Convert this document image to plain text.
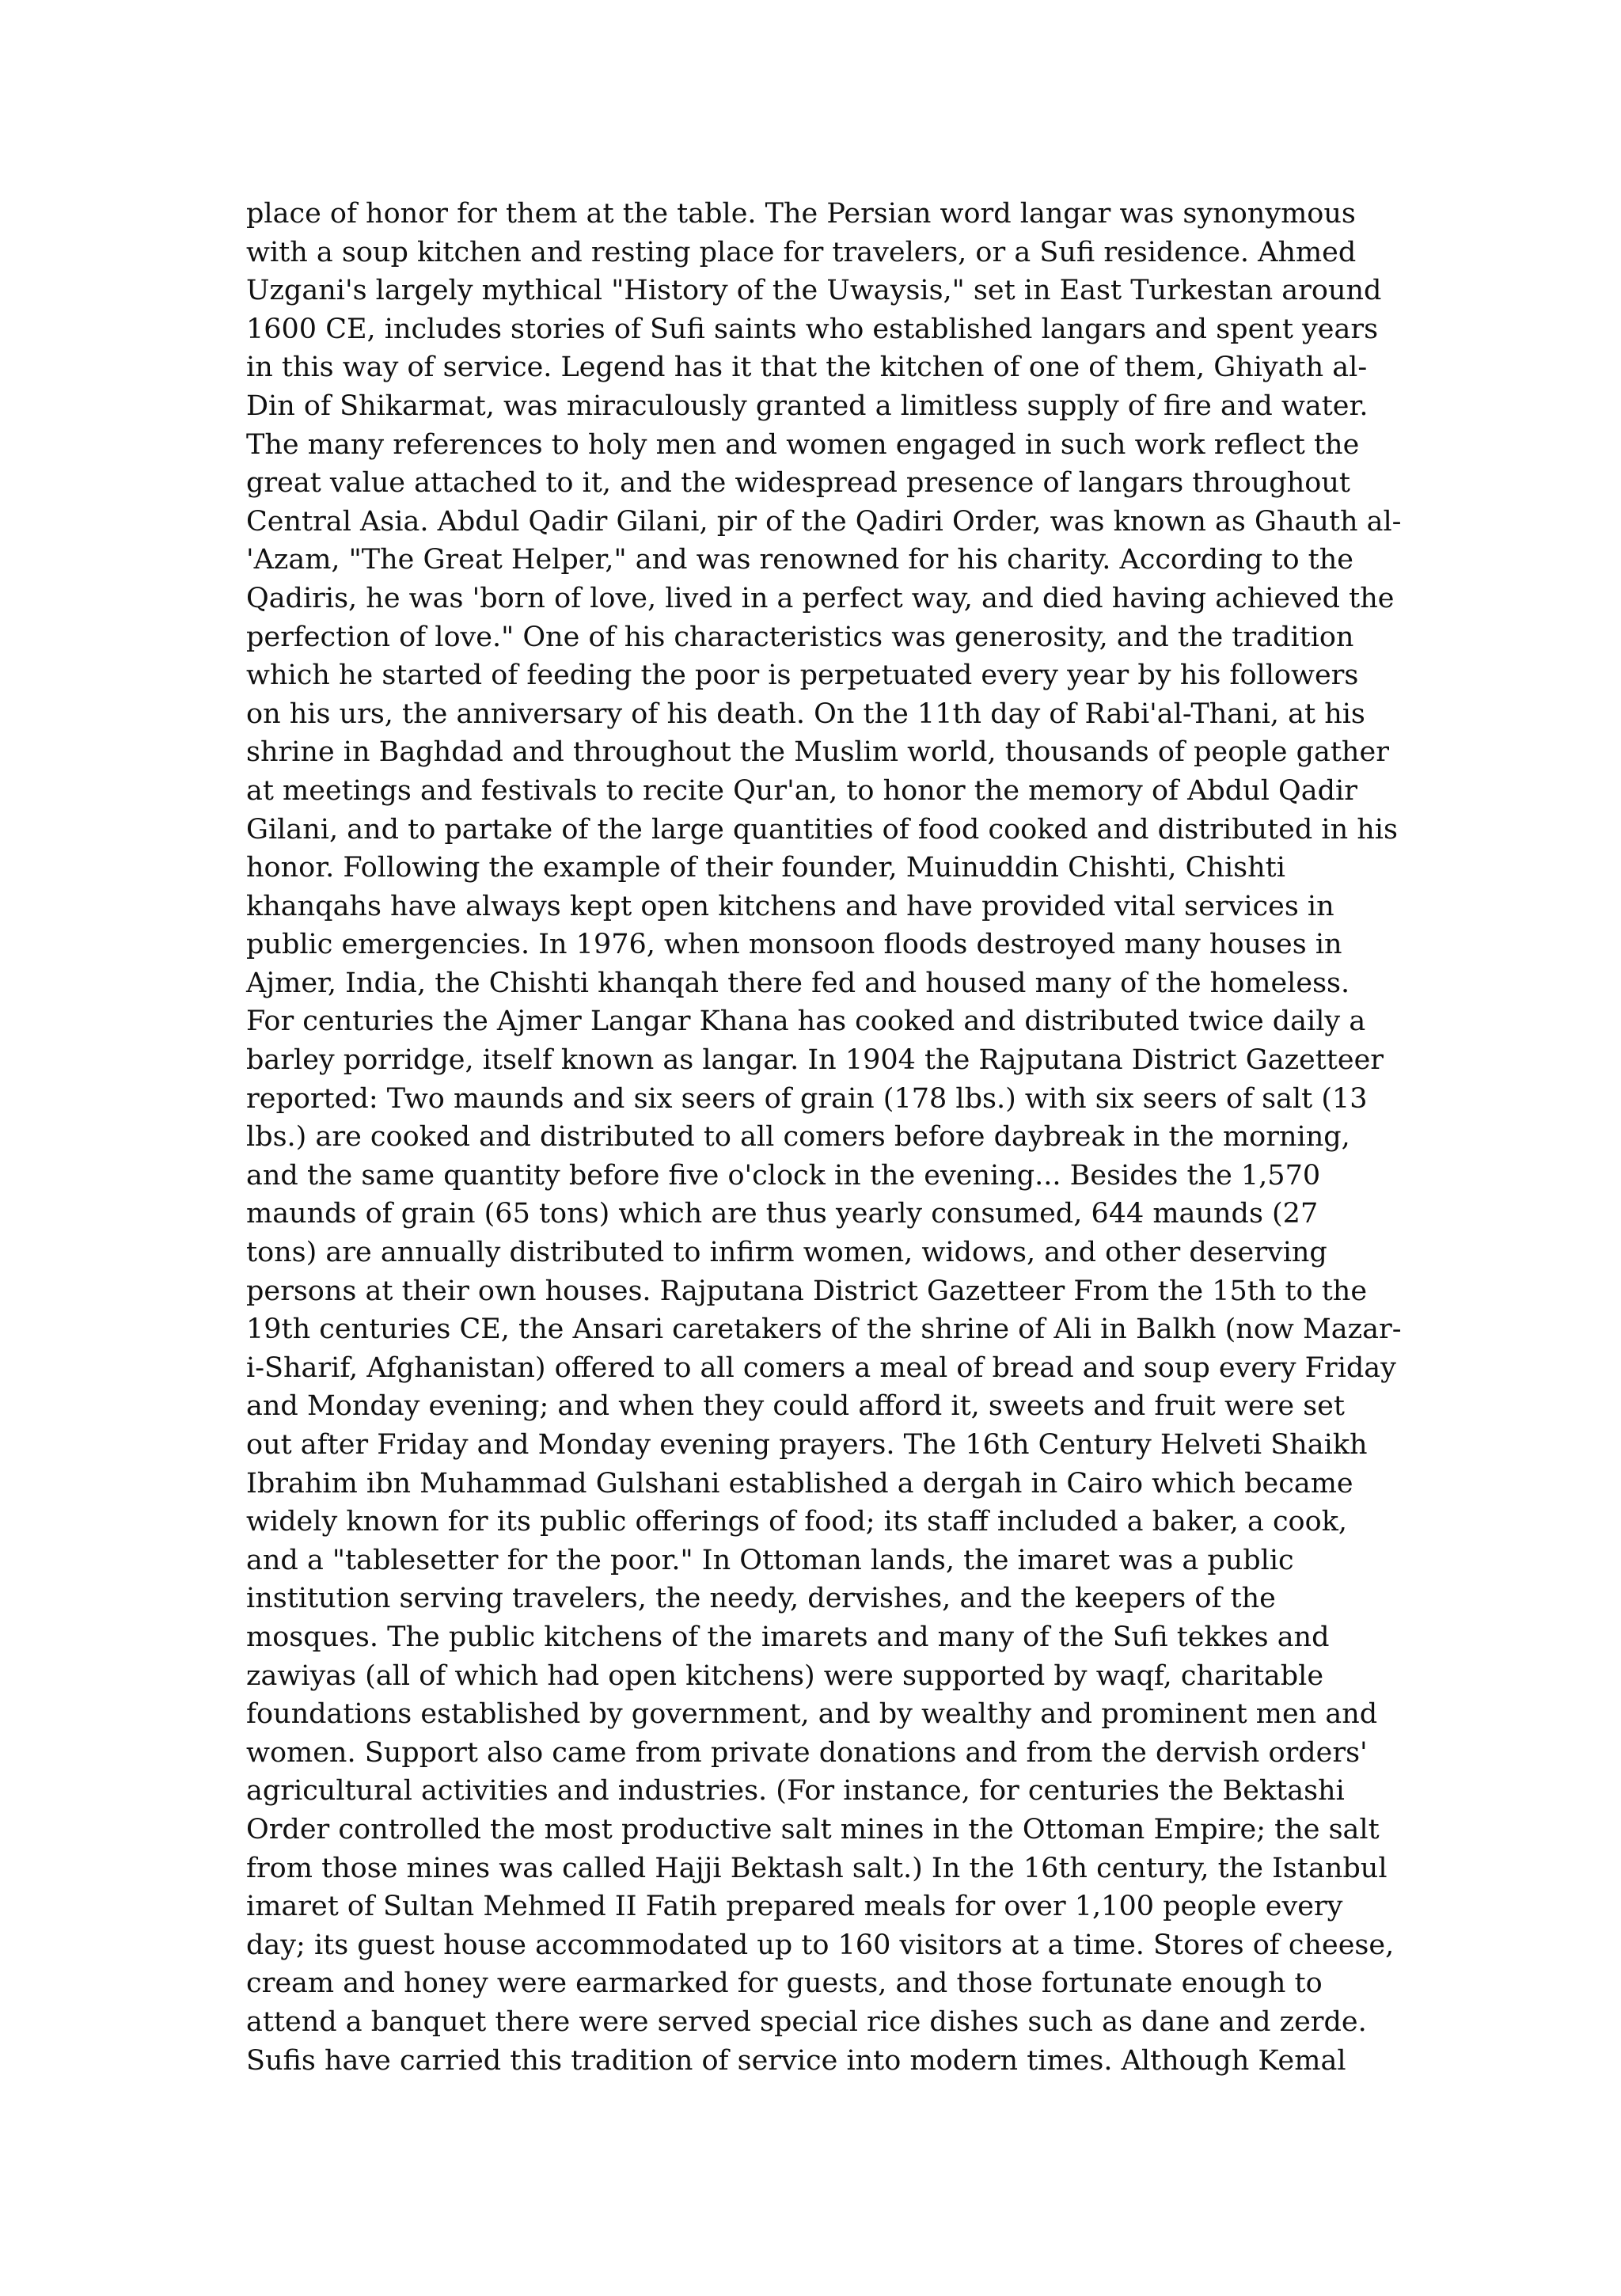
place of honor for them at the table. The Persian word langar was synonymous
with a soup kitchen and resting place for travelers, or a Sufi residence. Ahmed
Uzgani's largely mythical "History of the Uwaysis," set in East Turkestan around
1600 CE, includes stories of Sufi saints who established langars and spent years
in this way of service. Legend has it that the kitchen of one of them, Ghiyath al-
Din of Shikarmat, was miraculously granted a limitless supply of fire and water.
The many references to holy men and women engaged in such work reflect the
great value attached to it, and the widespread presence of langars throughout
Central Asia. Abdul Qadir Gilani, pir of the Qadiri Order, was known as Ghauth al-
'Azam, "The Great Helper," and was renowned for his charity. According to the
Qadiris, he was 'born of love, lived in a perfect way, and died having achieved the
perfection of love." One of his characteristics was generosity, and the tradition
which he started of feeding the poor is perpetuated every year by his followers
on his urs, the anniversary of his death. On the 11th day of Rabi'al-Thani, at his
shrine in Baghdad and throughout the Muslim world, thousands of people gather
at meetings and festivals to recite Qur'an, to honor the memory of Abdul Qadir
Gilani, and to partake of the large quantities of food cooked and distributed in his
honor. Following the example of their founder, Muinuddin Chishti, Chishti
khanqahs have always kept open kitchens and have provided vital services in
public emergencies. In 1976, when monsoon floods destroyed many houses in
Ajmer, India, the Chishti khanqah there fed and housed many of the homeless.
For centuries the Ajmer Langar Khana has cooked and distributed twice daily a
barley porridge, itself known as langar. In 1904 the Rajputana District Gazetteer
reported: Two maunds and six seers of grain (178 lbs.) with six seers of salt (13
lbs.) are cooked and distributed to all comers before daybreak in the morning,
and the same quantity before five o'clock in the evening... Besides the 1,570
maunds of grain (65 tons) which are thus yearly consumed, 644 maunds (27
tons) are annually distributed to infirm women, widows, and other deserving
persons at their own houses. Rajputana District Gazetteer From the 15th to the
19th centuries CE, the Ansari caretakers of the shrine of Ali in Balkh (now Mazar-
i-Sharif, Afghanistan) offered to all comers a meal of bread and soup every Friday
and Monday evening; and when they could afford it, sweets and fruit were set
out after Friday and Monday evening prayers. The 16th Century Helveti Shaikh
Ibrahim ibn Muhammad Gulshani established a dergah in Cairo which became
widely known for its public offerings of food; its staff included a baker, a cook,
and a "tablesetter for the poor." In Ottoman lands, the imaret was a public
institution serving travelers, the needy, dervishes, and the keepers of the
mosques. The public kitchens of the imarets and many of the Sufi tekkes and
zawiyas (all of which had open kitchens) were supported by waqf, charitable
foundations established by government, and by wealthy and prominent men and
women. Support also came from private donations and from the dervish orders'
agricultural activities and industries. (For instance, for centuries the Bektashi
Order controlled the most productive salt mines in the Ottoman Empire; the salt
from those mines was called Hajji Bektash salt.) In the 16th century, the Istanbul
imaret of Sultan Mehmed II Fatih prepared meals for over 1,100 people every
day; its guest house accommodated up to 160 visitors at a time. Stores of cheese,
cream and honey were earmarked for guests, and those fortunate enough to
attend a banquet there were served special rice dishes such as dane and zerde.
Sufis have carried this tradition of service into modern times. Although Kemal
